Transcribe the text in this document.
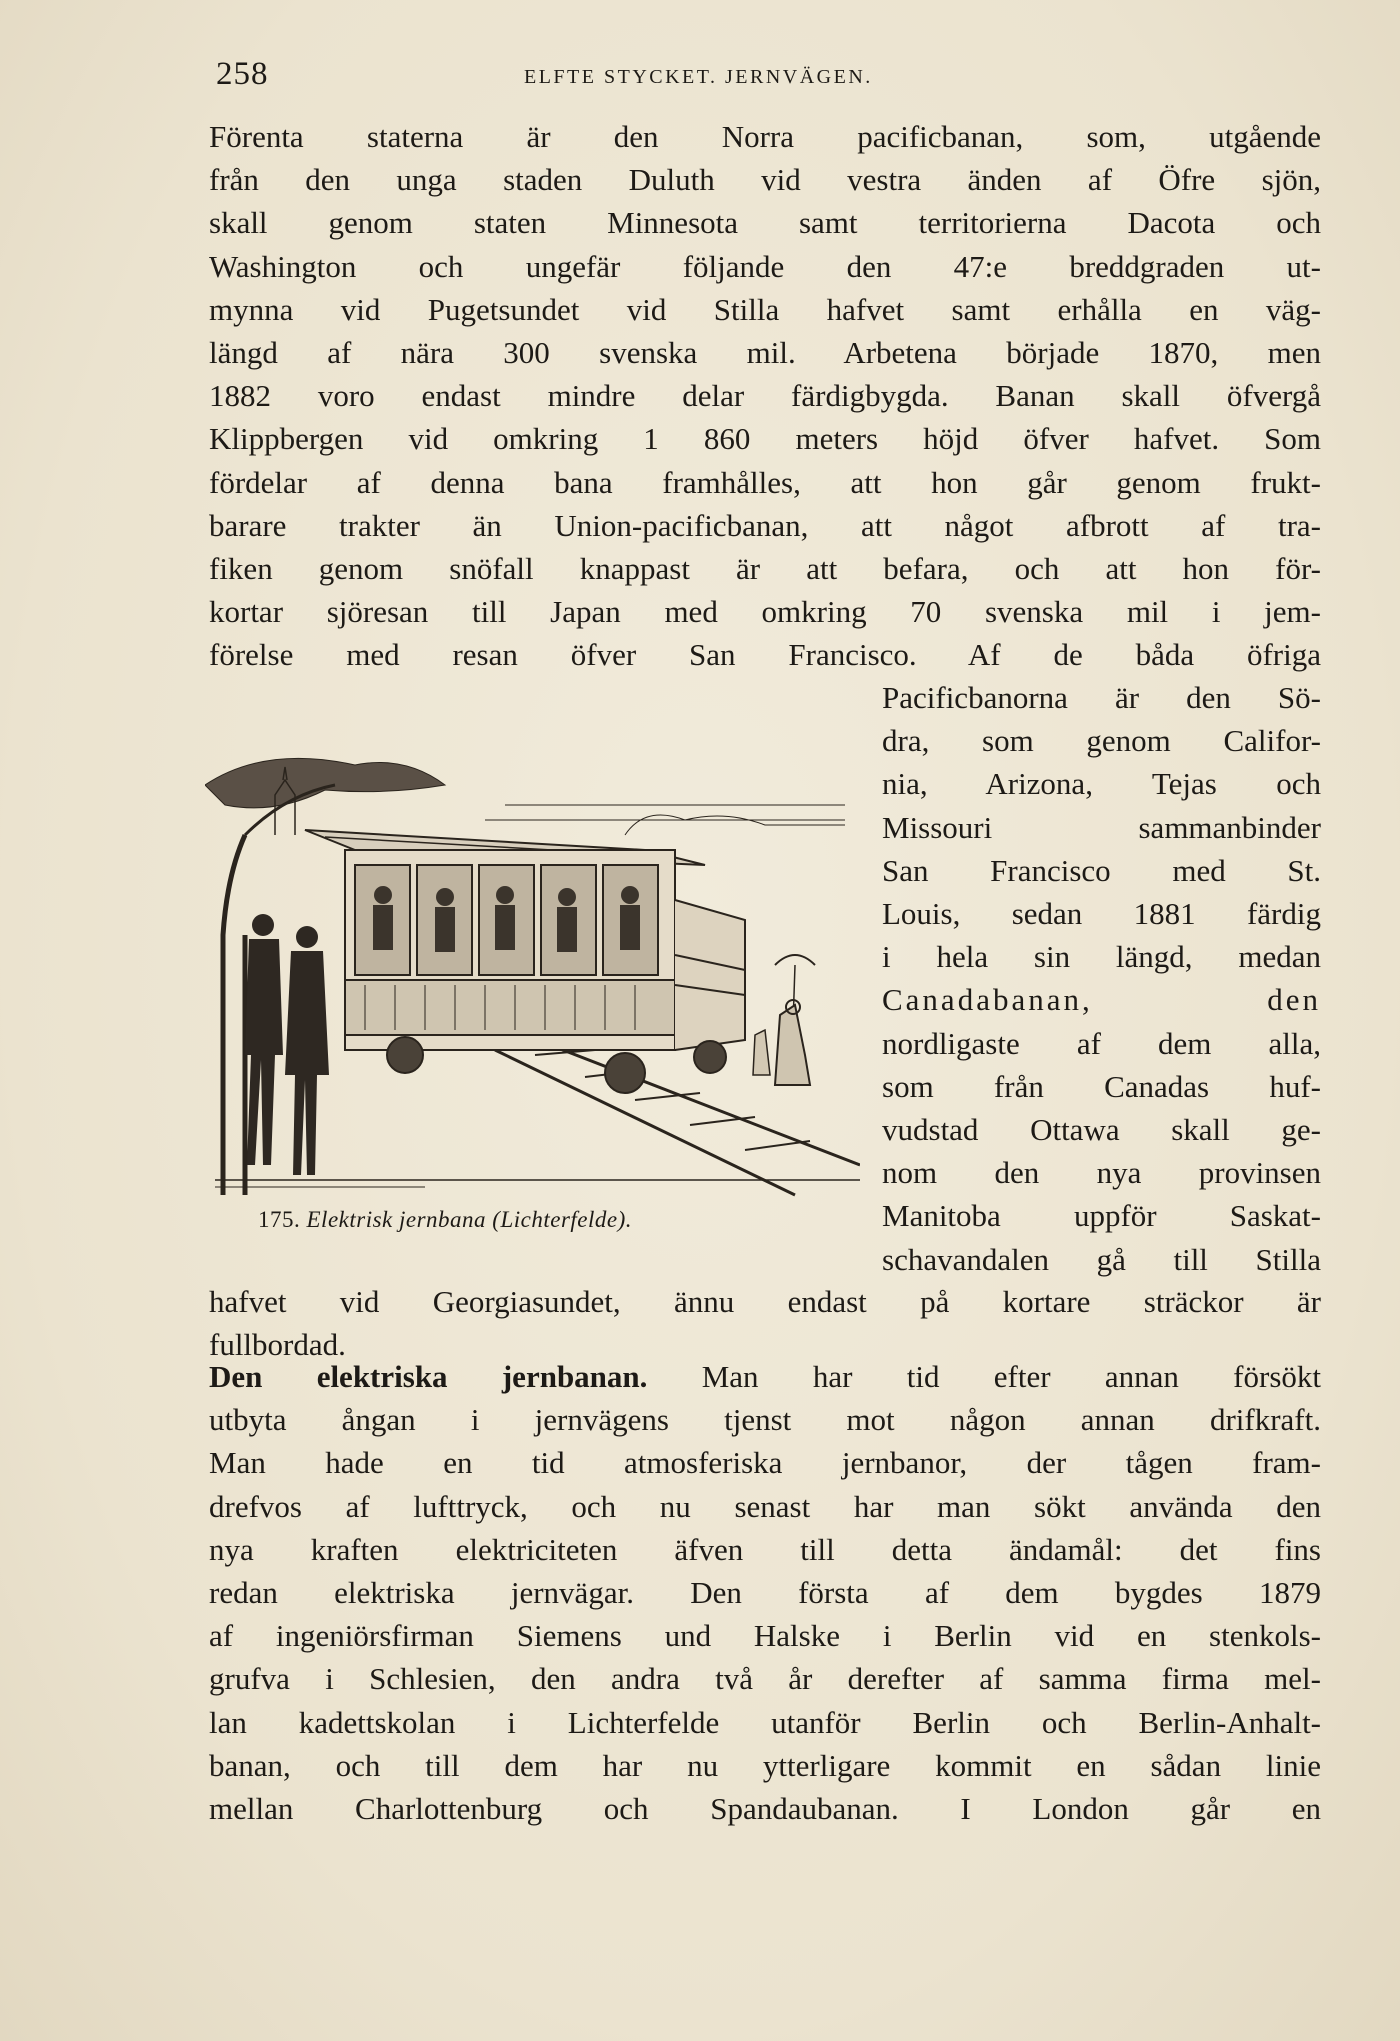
258	ELFTE STYCKET. JERNVÄGEN.
Förenta staterna är den Norra pacificbanan, som, utgående
från den unga staden Duluth vid vestra änden af Öfre sjön,
skall genom staten Minnesota samt territorierna Dacota och
Washington och ungefär följande den 47:e breddgraden ut-
mynna vid Pugetsundet vid Stilla hafvet samt erhålla en väg-
längd af nära 300 svenska mil. Arbetena började 1870, men
1882 voro endast mindre delar färdigbygda. Banan skall öfvergå
Klippbergen vid omkring 1 860 meters höjd öfver hafvet. Som
fördelar af denna bana framhålles, att hon går genom frukt-
barare trakter än Union-pacificbanan, att något afbrott af tra-
fiken genom snöfall knappast är att befara, och att hon för-
kortar sjöresan till Japan med omkring 70 svenska mil i jem-
förelse med resan öfver San Francisco. Af de båda öfriga
Pacificbanorna är den Sö-
dra, som genom Califor-
nia, Arizona, Tejas och
Missouri sammanbinder
San Francisco med St.
Louis, sedan 1881 färdig
i hela sin längd, medan
Canadabanan, den
nordligaste af dem alla,
som från Canadas huf-
vudstad Ottawa skall ge-
nom den nya provinsen
Manitoba uppför Saskat-
schavandalen gå till Stilla
175. Elektrisk jernbana (Lichterfelde).
hafvet vid Georgiasundet, ännu endast på kortare sträckor är
fullbordad.
Den elektriska jernbanan. Man har tid efter annan försökt
utbyta ångan i jernvägens tjenst mot någon annan drifkraft.
Man hade en tid atmosferiska jernbanor, der tågen fram-
drefvos af lufttryck, och nu senast har man sökt använda den
nya kraften elektriciteten äfven till detta ändamål: det fins
redan elektriska jernvägar. Den första af dem bygdes 1879
af ingeniörsfirman Siemens und Halske i Berlin vid en stenkols-
grufva i Schlesien, den andra två år derefter af samma firma mel-
lan kadettskolan i Lichterfelde utanför Berlin och Berlin-Anhalt-
banan, och till dem har nu ytterligare kommit en sådan linie
mellan Charlottenburg och Spandaubanan. I London går en
